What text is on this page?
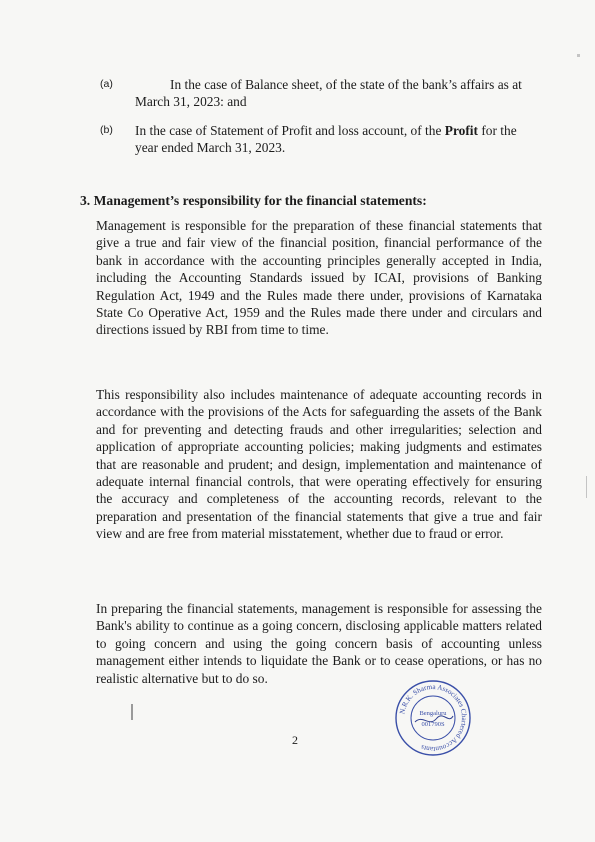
(a)	In the case of Balance sheet, of the state of the bank’s affairs as at
March 31, 2023: and
(b) In the case of Statement of Profit and loss account, of the Profit for the
year ended March 31, 2023.
3. Management’s responsibility for the financial statements:

Management is responsible for the preparation of these financial statements that give a true and fair view of the financial position, financial performance of the bank in accordance with the accounting principles generally accepted in India, including the Accounting Standards issued by ICAI, provisions of Banking Regulation Act, 1949 and the Rules made there under, provisions of Karnataka State Co Operative Act, 1959 and the Rules made there under and circulars and directions issued by RBI from time to time.

This responsibility also includes maintenance of adequate accounting records in accordance with the provisions of the Acts for safeguarding the assets of the Bank and for preventing and detecting frauds and other irregularities; selection and application of appropriate accounting policies; making judgments and estimates that are reasonable and prudent; and design, implementation and maintenance of adequate internal financial controls, that were operating effectively for ensuring the accuracy and completeness of the accounting records, relevant to the preparation and presentation of the financial statements that give a true and fair view and are free from material misstatement, whether due to fraud or error.

In preparing the financial statements, management is responsible for assessing the Bank's ability to continue as a going concern, disclosing applicable matters related to going concern and using the going concern basis of accounting unless management either intends to liquidate the Bank or to cease operations, or has no realistic alternative but to do so.

2
N.R.K. Sharma Associates Chartered Accountants
Bengaluru
001790S
